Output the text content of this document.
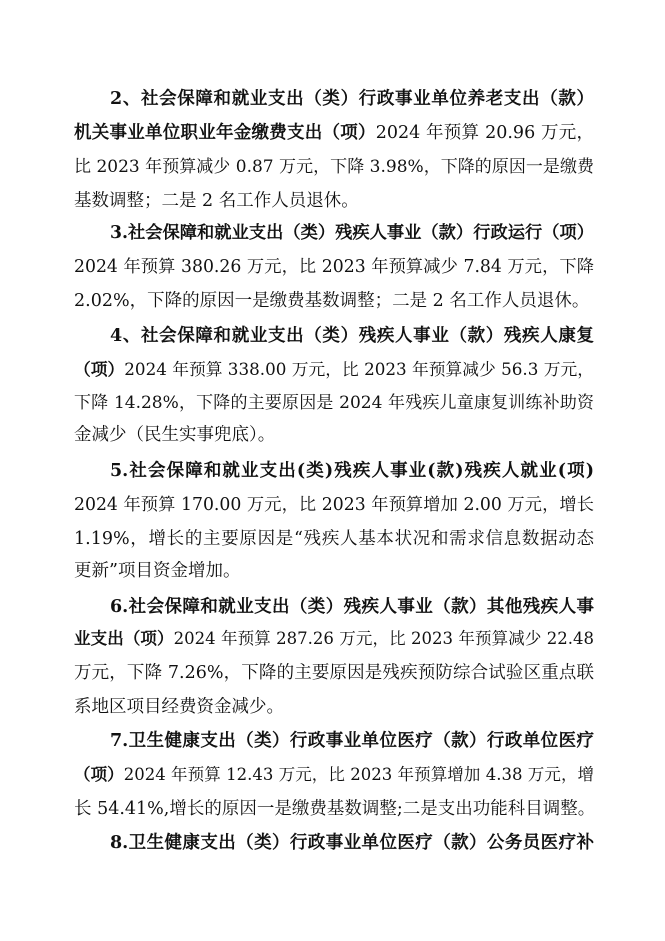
2、社会保障和就业支出（类）行政事业单位养老支出（款）
机关事业单位职业年金缴费支出（项）2024 年预算 20.96 万元，
比 2023 年预算减少 0.87 万元，下降 3.98%，下降的原因一是缴费
基数调整；二是 2 名工作人员退休。
3.社会保障和就业支出（类）残疾人事业（款）行政运行（项）
2024 年预算 380.26 万元，比 2023 年预算减少 7.84 万元，下降
2.02%，下降的原因一是缴费基数调整；二是 2 名工作人员退休。
4、社会保障和就业支出（类）残疾人事业（款）残疾人康复
（项）2024 年预算 338.00 万元，比 2023 年预算减少 56.3 万元，
下降 14.28%，下降的主要原因是 2024 年残疾儿童康复训练补助资
金减少（民生实事兜底）。
5.社会保障和就业支出(类)残疾人事业(款)残疾人就业(项)
2024 年预算 170.00 万元，比 2023 年预算增加 2.00 万元，增长
1.19%，增长的主要原因是“残疾人基本状况和需求信息数据动态
更新”项目资金增加。
6.社会保障和就业支出（类）残疾人事业（款）其他残疾人事
业支出（项）2024 年预算 287.26 万元，比 2023 年预算减少 22.48
万元，下降 7.26%，下降的主要原因是残疾预防综合试验区重点联
系地区项目经费资金减少。
7.卫生健康支出（类）行政事业单位医疗（款）行政单位医疗
（项）2024 年预算 12.43 万元，比 2023 年预算增加 4.38 万元，增
长 54.41%,增长的原因一是缴费基数调整;二是支出功能科目调整。
8.卫生健康支出（类）行政事业单位医疗（款）公务员医疗补
